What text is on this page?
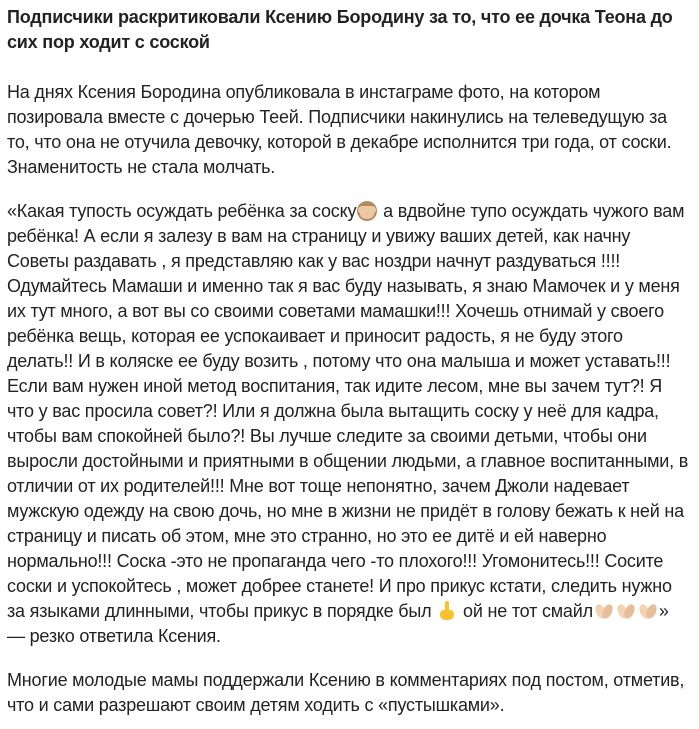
Подписчики раскритиковали Ксению Бородину за то, что ее дочка Теона до сих пор ходит с соской

На днях Ксения Бородина опубликовала в инстаграме фото, на котором позировала вместе с дочерью Теей. Подписчики накинулись на телеведущую за то, что она не отучила девочку, которой в декабре исполнится три года, от соски. Знаменитость не стала молчать.

«Какая тупость осуждать ребёнка за соску а вдвойне тупо осуждать чужого вам ребёнка! А если я залезу в вам на страницу и увижу ваших детей, как начну Советы раздавать , я представляю как у вас ноздри начнут раздуваться !!!! Одумайтесь Мамаши и именно так я вас буду называть, я знаю Мамочек и у меня их тут много, а вот вы со своими советами мамашки!!! Хочешь отнимай у своего ребёнка вещь, которая ее успокаивает и приносит радость, я не буду этого делать!! И в коляске ее буду возить , потому что она малыша и может уставать!!! Если вам нужен иной метод воспитания, так идите лесом, мне вы зачем тут?! Я что у вас просила совет?! Или я должна была вытащить соску у неё для кадра, чтобы вам спокойней было?! Вы лучше следите за своими детьми, чтобы они выросли достойными и приятными в общении людьми, а главное воспитанными, в отличии от их родителей!!! Мне вот тоще непонятно, зачем Джоли надевает мужскую одежду на свою дочь, но мне в жизни не придёт в голову бежать к ней на страницу и писать об этом, мне это странно, но это ее дитё и ей наверно нормально!!! Соска -это не пропаганда чего -то плохого!!! Угомонитесь!!! Сосите соски и успокойтесь , может добрее станете! И про прикус кстати, следить нужно за языками длинными, чтобы прикус в порядке был  ой не тот смайл	» — резко ответила Ксения.

Многие молодые мамы поддержали Ксению в комментариях под постом, отметив, что и сами разрешают своим детям ходить с «пустышками».
